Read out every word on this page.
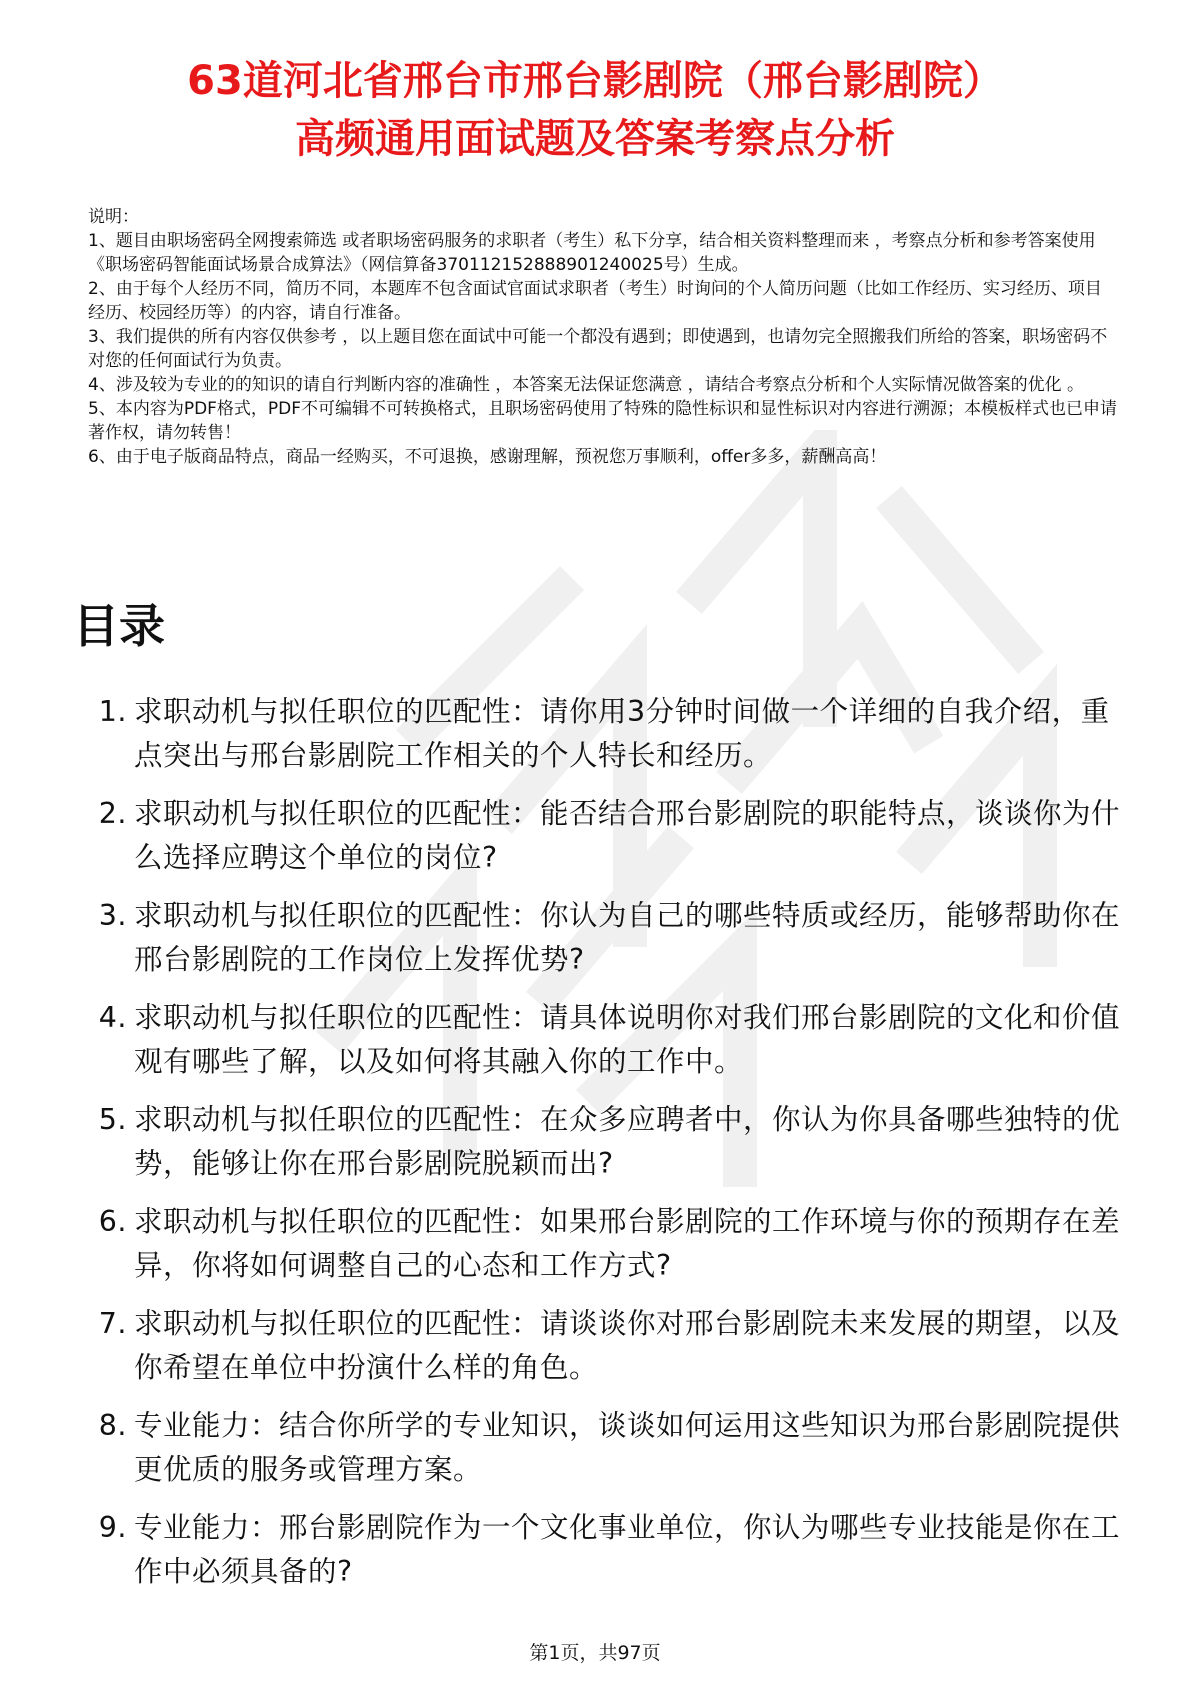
63道河北省邢台市邢台影剧院（邢台影剧院）
高频通用面试题及答案考察点分析

说明：

1、题目由职场密码全网搜索筛选 或者职场密码服务的求职者（考生）私下分享，结合相关资料整理而来 ，考察点分析和参考答案使用《职场密码智能面试场景合成算法》（网信算备370112152888901240025号）生成。

2、由于每个人经历不同，简历不同，本题库不包含面试官面试求职者（考生）时询问的个人简历问题（比如工作经历、实习经历、项目经历、校园经历等）的内容，请自行准备。

3、我们提供的所有内容仅供参考 ，以上题目您在面试中可能一个都没有遇到；即使遇到，也请勿完全照搬我们所给的答案，职场密码不对您的任何面试行为负责。

4、涉及较为专业的的知识的请自行判断内容的准确性 ，本答案无法保证您满意 ，请结合考察点分析和个人实际情况做答案的优化 。

5、本内容为PDF格式，PDF不可编辑不可转换格式，且职场密码使用了特殊的隐性标识和显性标识对内容进行溯源；本模板样式也已申请著作权，请勿转售！

6、由于电子版商品特点，商品一经购买，不可退换，感谢理解，预祝您万事顺利，offer多多，薪酬高高！

目录
1. 求职动机与拟任职位的匹配性：请你用3分钟时间做一个详细的自我介绍，重点突出与邢台影剧院工作相关的个人特长和经历。
2. 求职动机与拟任职位的匹配性：能否结合邢台影剧院的职能特点，谈谈你为什么选择应聘这个单位的岗位?
3. 求职动机与拟任职位的匹配性：你认为自己的哪些特质或经历，能够帮助你在邢台影剧院的工作岗位上发挥优势?
4. 求职动机与拟任职位的匹配性：请具体说明你对我们邢台影剧院的文化和价值观有哪些了解，以及如何将其融入你的工作中。
5. 求职动机与拟任职位的匹配性：在众多应聘者中，你认为你具备哪些独特的优势，能够让你在邢台影剧院脱颖而出?
6. 求职动机与拟任职位的匹配性：如果邢台影剧院的工作环境与你的预期存在差异，你将如何调整自己的心态和工作方式?
7. 求职动机与拟任职位的匹配性：请谈谈你对邢台影剧院未来发展的期望，以及你希望在单位中扮演什么样的角色。
8. 专业能力：结合你所学的专业知识，谈谈如何运用这些知识为邢台影剧院提供更优质的服务或管理方案。
9. 专业能力：邢台影剧院作为一个文化事业单位，你认为哪些专业技能是你在工作中必须具备的?
第1页，共97页
